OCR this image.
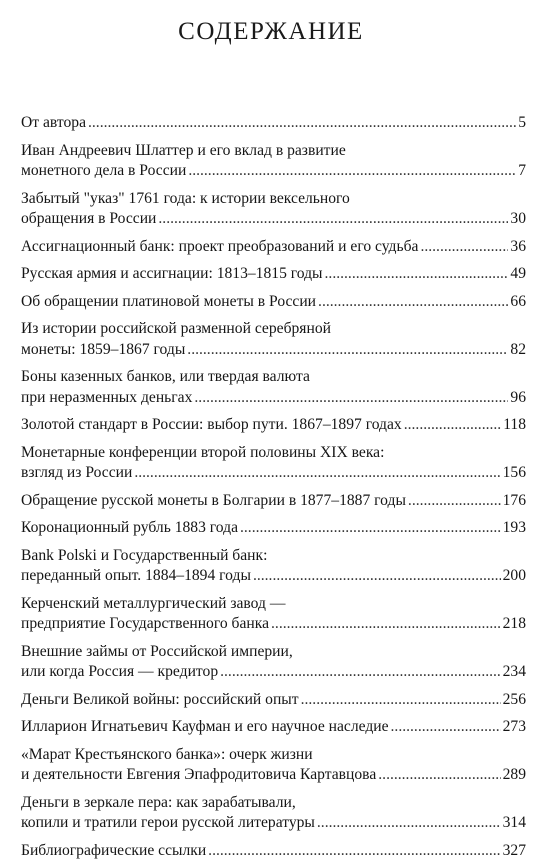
СОДЕРЖАНИЕ
От автора .....	5
Иван Андреевич Шлаттер и его вклад в развитие
монетного дела в России .....	7
Забытый "указ" 1761 года: к истории вексельного
обращения в России .....	30
Ассигнационный банк: проект преобразований и его судьба .....	36
Русская армия и ассигнации: 1813–1815 годы .....	49
Об обращении платиновой монеты в России .....	66
Из истории российской разменной серебряной
монеты: 1859–1867 годы .....	82
Боны казенных банков, или твердая валюта
при неразменных деньгах .....	96
Золотой стандарт в России: выбор пути. 1867–1897 годах .....	118
Монетарные конференции второй половины XIX века:
взгляд из России .....	156
Обращение русской монеты в Болгарии в 1877–1887 годы .....	176
Коронационный рубль 1883 года .....	193
Bank Polski и Государственный банк:
переданный опыт. 1884–1894 годы .....	200
Керченский металлургический завод —
предприятие Государственного банка .....	218
Внешние займы от Российской империи,
или когда Россия — кредитор .....	234
Деньги Великой войны: российский опыт .....	256
Илларион Игнатьевич Кауфман и его научное наследие .....	273
«Марат Крестьянского банка»: очерк жизни
и деятельности Евгения Эпафродитовича Картавцова .....	289
Деньги в зеркале пера: как зарабатывали,
копили и тратили герои русской литературы .....	314
Библиографические ссылки .....	327
